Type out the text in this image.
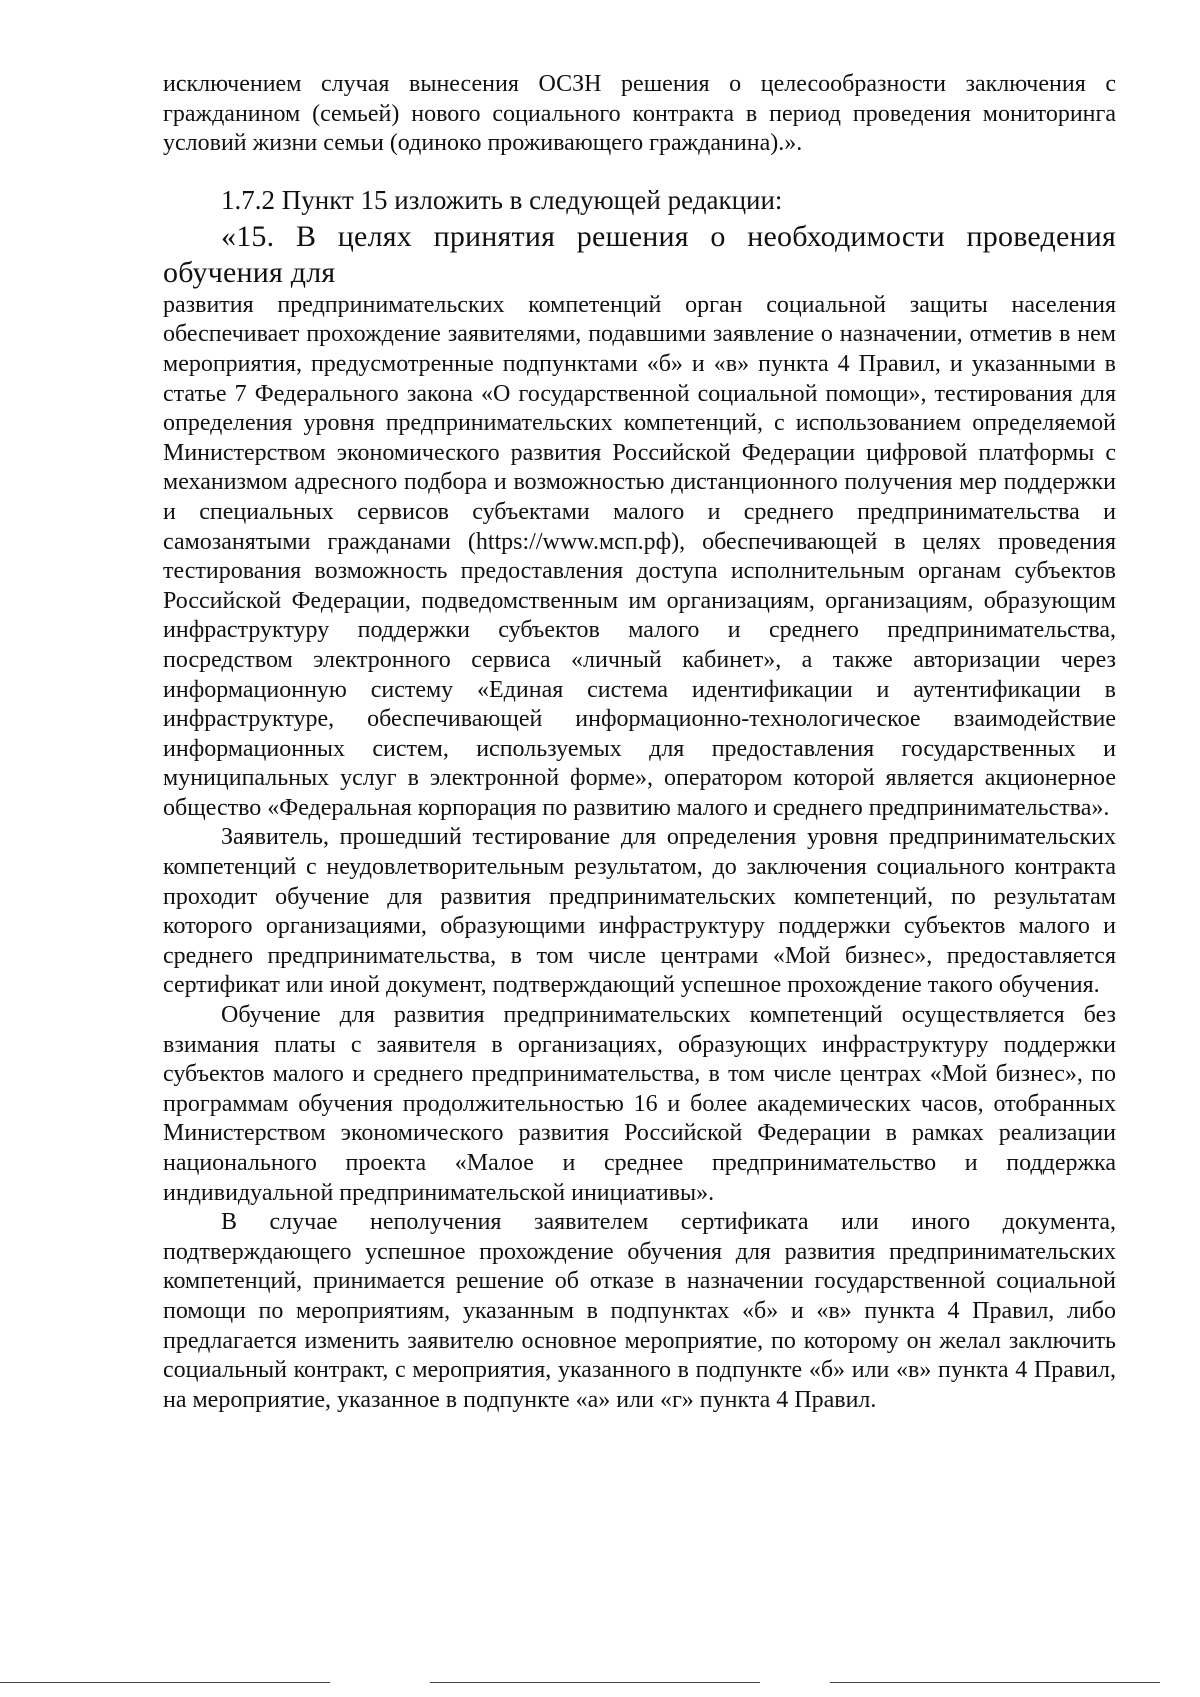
исключением случая вынесения ОСЗН решения о целесообразности заключения с гражданином (семьей) нового социального контракта в период проведения мониторинга условий жизни семьи (одиноко проживающего гражданина).».

1.7.2 Пункт 15 изложить в следующей редакции:

«15. В целях принятия решения о необходимости проведения обучения для

развития предпринимательских компетенций орган социальной защиты населения обеспечивает прохождение заявителями, подавшими заявление о назначении, отметив в нем мероприятия, предусмотренные подпунктами «б» и «в» пункта 4 Правил, и указанными в статье 7 Федерального закона «О государственной социальной помощи», тестирования для определения уровня предпринимательских компетенций, с использованием определяемой Министерством экономического развития Российской Федерации цифровой платформы с механизмом адресного подбора и возможностью дистанционного получения мер поддержки и специальных сервисов субъектами малого и среднего предпринимательства и самозанятыми гражданами (https://www.мсп.рф), обеспечивающей в целях проведения тестирования возможность предоставления доступа исполнительным органам субъектов Российской Федерации, подведомственным им организациям, организациям, образующим инфраструктуру поддержки субъектов малого и среднего предпринимательства, посредством электронного сервиса «личный кабинет», а также авторизации через информационную систему «Единая система идентификации и аутентификации в инфраструктуре, обеспечивающей информационно-технологическое взаимодействие информационных систем, используемых для предоставления государственных и муниципальных услуг в электронной форме», оператором которой является акционерное общество «Федеральная корпорация по развитию малого и среднего предпринимательства».

Заявитель, прошедший тестирование для определения уровня предпринимательских компетенций с неудовлетворительным результатом, до заключения социального контракта проходит обучение для развития предпринимательских компетенций, по результатам которого организациями, образующими инфраструктуру поддержки субъектов малого и среднего предпринимательства, в том числе центрами «Мой бизнес», предоставляется сертификат или иной документ, подтверждающий успешное прохождение такого обучения.

Обучение для развития предпринимательских компетенций осуществляется без взимания платы с заявителя в организациях, образующих инфраструктуру поддержки субъектов малого и среднего предпринимательства, в том числе центрах «Мой бизнес», по программам обучения продолжительностью 16 и более академических часов, отобранных Министерством экономического развития Российской Федерации в рамках реализации национального проекта «Малое и среднее предпринимательство и поддержка индивидуальной предпринимательской инициативы».

В случае неполучения заявителем сертификата или иного документа, подтверждающего успешное прохождение обучения для развития предпринимательских компетенций, принимается решение об отказе в назначении государственной социальной помощи по мероприятиям, указанным в подпунктах «б» и «в» пункта 4 Правил, либо предлагается изменить заявителю основное мероприятие, по которому он желал заключить социальный контракт, с мероприятия, указанного в подпункте «б» или «в» пункта 4 Правил, на мероприятие, указанное в подпункте «а» или «г» пункта 4 Правил.
